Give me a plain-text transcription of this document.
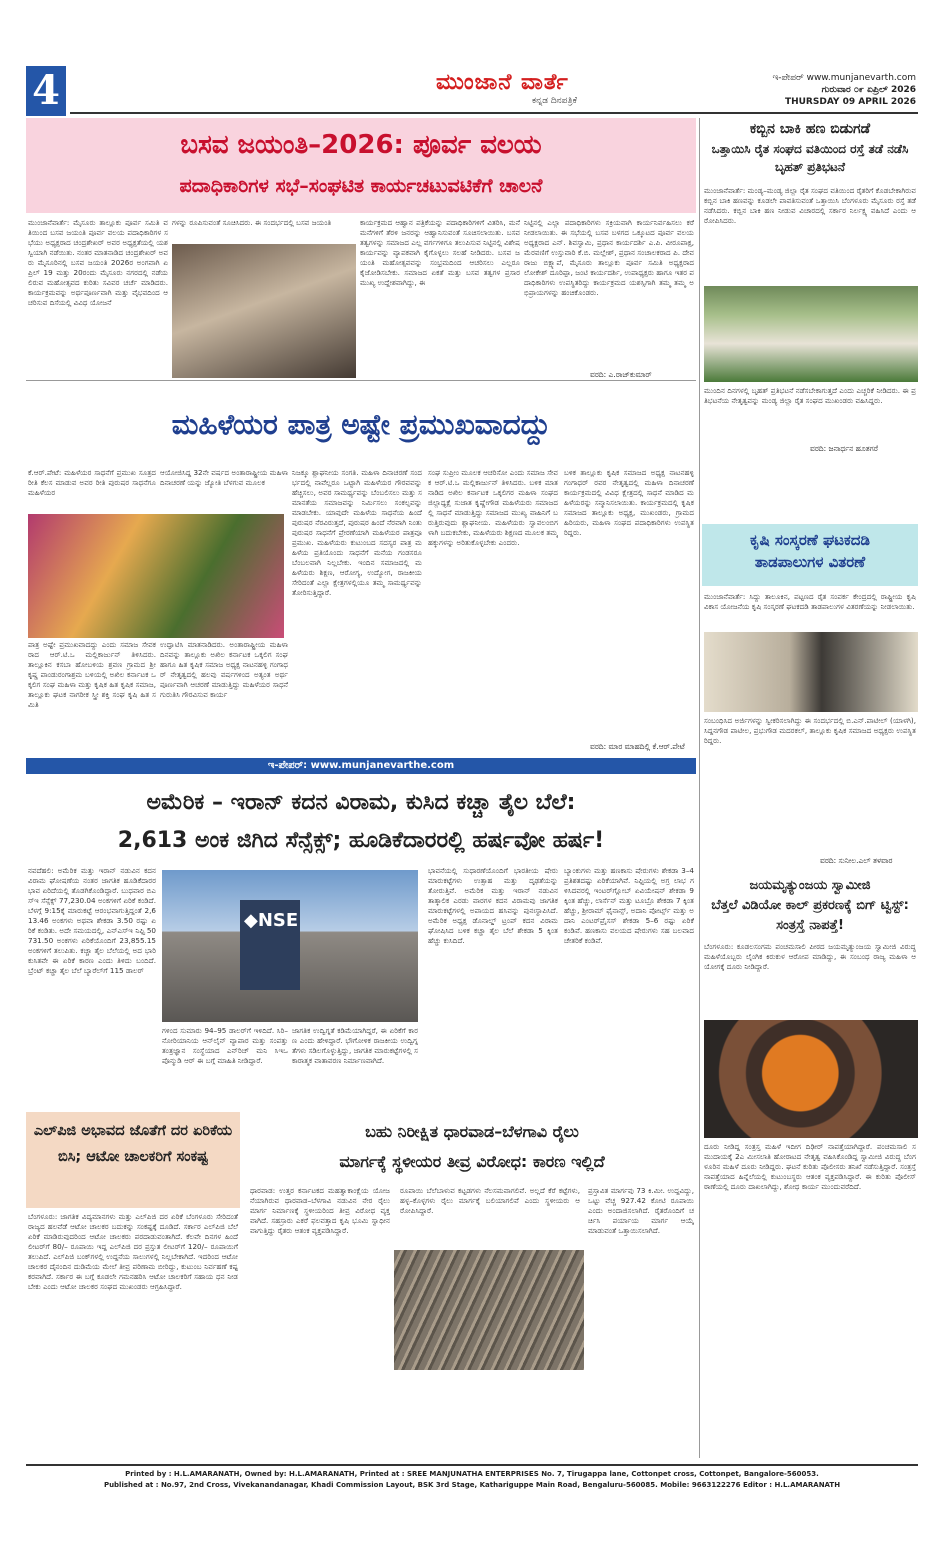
4	ಮುಂಜಾನೆ ವಾರ್ತೆ
ಕನ್ನಡ ದಿನಪತ್ರಿಕೆ
ಇ-ಪೇಪರ್ www.munjanevarth.com
ಗುರುವಾರ ೦೯ ಏಪ್ರಿಲ್ 2026
THURSDAY 09 APRIL 2026
ಬಸವ ಜಯಂತಿ–2026: ಪೂರ್ವ ವಲಯ
ಪದಾಧಿಕಾರಿಗಳ ಸಭೆ–ಸಂಘಟಿತ ಕಾರ್ಯಚಟುವಟಿಕೆಗೆ ಚಾಲನೆ
ಮುಂಜಾನೆವಾರ್ತೆ: ಮೈಸೂರು ತಾಲ್ಲೂಕು ಪೂರ್ವ ಸಮಿತಿ ವತಿಯಿಂದ ಬಸವ ಜಯಂತಿ ಪೂರ್ವ ವಲಯ ಪದಾಧಿಕಾರಿಗಳ ಸಭೆಯು ಅಧ್ಯಕ್ಷರಾದ ಚಂದ್ರಶೇಖರ್ ಅವರ ಅಧ್ಯಕ್ಷತೆಯಲ್ಲಿ ಯಶಸ್ವಿಯಾಗಿ ನಡೆಯಿತು. ನಂತರ ಮಾತನಾಡಿದ ಚಂದ್ರಶೇಖರ್ ಅವರು ಮೈಸೂರಿನಲ್ಲಿ ಬಸವ ಜಯಂತಿ 2026ರ ಅಂಗವಾಗಿ ಏಪ್ರಿಲ್ 19 ಮತ್ತು 20ರಂದು ಮೈಸೂರು ನಗರದಲ್ಲಿ ನಡೆಯಲಿರುವ ಮಹೋತ್ಸವದ ಕುರಿತು ಸವಿವರ ಚರ್ಚೆ ಮಾಡಿದರು. ಕಾರ್ಯಕ್ರಮವನ್ನು ಅರ್ಥಪೂರ್ಣವಾಗಿ ಮತ್ತು ವೈಭವದಿಂದ ಆಚರಿಸುವ ದಿಸೆಯಲ್ಲಿ ವಿವಿಧ ಯೋಜನೆ
ಗಳನ್ನು ರೂಪಿಸುವಂತೆ ಸೂಚಿಸಿದರು. ಈ ಸಂದರ್ಭದಲ್ಲಿ ಬಸವ ಜಯಂತಿ	ಕಾರ್ಯಕ್ರಮದ ಆಹ್ವಾನ ಪತ್ರಿಕೆಯನ್ನು ಪದಾಧಿಕಾರಿಗಳಿಗೆ ವಿತರಿಸಿ, ಮನೆ ಮನೆಗಳಿಗೆ ತೆರಳಿ ಜನರನ್ನು ಆಹ್ವಾನಿಸುವಂತೆ ಸೂಚಿಸಲಾಯಿತು. ಬಸವ ತತ್ವಗಳನ್ನು ಸಮಾಜದ ಎಲ್ಲ ವರ್ಗಗಳಿಗೂ ತಲುಪಿಸುವ ನಿಟ್ಟಿನಲ್ಲಿ ವಿಶೇಷ ಕಾರ್ಯವನ್ನು ವ್ಯಾಪಕವಾಗಿ ಕೈಗೊಳ್ಳಲು ಸಲಹೆ ನೀಡಿದರು. ಬಸವ ಜಯಂತಿ ಮಹೋತ್ಸವವನ್ನು ಸಂಭ್ರಮದಿಂದ ಆಚರಿಸಲು ಎಲ್ಲರೂ ಕೈಜೋಡಿಸಬೇಕು. ಸಮಾಜದ ಏಕತೆ ಮತ್ತು ಬಸವ ತತ್ವಗಳ ಪ್ರಸಾರ ಮುಖ್ಯ ಉದ್ದೇಶವಾಗಿದ್ದು, ಈ
ನಿಟ್ಟಿನಲ್ಲಿ ಎಲ್ಲಾ ಪದಾಧಿಕಾರಿಗಳು ಸಕ್ರಿಯವಾಗಿ ಕಾರ್ಯನಿರ್ವಹಿಸಲು ಕರೆ ನೀಡಲಾಯಿತು. ಈ ಸಭೆಯಲ್ಲಿ ಬಸವ ಬಳಗದ ಒಕ್ಕೂಟದ ಪೂರ್ವ ವಲಯ ಅಧ್ಯಕ್ಷರಾದ ಎನ್. ಶಿವಸ್ವಾಮಿ, ಪ್ರಧಾನ ಕಾರ್ಯದರ್ಶಿ ಎ.ಪಿ. ವೀರೂಪಾಕ್ಷ, ಮೆರವಣಿಗೆ ಉಸ್ತುವಾರಿ ಕೆ.ಬಿ. ಮಲ್ಲೇಶ್, ಪ್ರಧಾನ ಸಂಚಾಲಕರಾದ ಪಿ. ದೇವರಾಜು ಬಿಕ್ಷ್ಯಾಪೆ, ಮೈಸೂರು ತಾಲ್ಲೂಕು ಪೂರ್ವ ಸಮಿತಿ ಅಧ್ಯಕ್ಷರಾದ ಲೋಕೇಶ್ ದೂರಿಪ್ಪಾ, ಜಂಟಿ ಕಾರ್ಯದರ್ಶಿ, ಉಪಾಧ್ಯಕ್ಷರು ಹಾಗೂ ಇತರ ಪದಾಧಿಕಾರಿಗಳು ಉಪಸ್ಥಿತರಿದ್ದು ಕಾರ್ಯಕ್ರಮದ ಯಶಸ್ಸಿಗಾಗಿ ತಮ್ಮ ತಮ್ಮ ಅಭಿಪ್ರಾಯಗಳನ್ನು ಹಂಚಿಕೊಂಡರು.
ವರದಿ: ಎ.ರಾಜ್‌ಕುಮಾರ್
ಮಹಿಳೆಯರ ಪಾತ್ರ ಅಷ್ಟೇ ಪ್ರಮುಖವಾದದ್ದು
ಕೆ.ಆರ್.ಪೇಟೆ: ಮಹಿಳೆಯರ ಸಾಧನೆಗೆ ಪ್ರಮುಖ ಸೂತ್ರದ ರೀತಿ ಕೆಲಸ ಮಾಡುವ ಅವರ ರೀತಿ ಪುರುಷರ ಸಾಧನೆಗೂ ಮಹಿಳೆಯರ
ಪಾತ್ರ ಅಷ್ಟೇ ಪ್ರಮುಖವಾದದ್ದು ಎಂದು ಸಮಾಜ ಸೇವಕರಾದ ಆರ್.ಟಿ.ಒ ಮಲ್ಲಿಕಾರ್ಜುನ್ ತಿಳಿಸಿದರು. ತಾಲ್ಲೂಕಿನ ಕಸಬಾ ಹೋಬಳಿಯ ಶ್ರವಣ ಗ್ರಾಮದ ಶ್ರೀ ಕೃಷ್ಣ ಪಾಂಡುರಂಗಾಶ್ರಮ ಬಳಿಯಲ್ಲಿ ಅಖಿಲ ಕರ್ನಾಟಕ ಒಕ್ಕಲಿಗ ಸಂಘ ಮಹಿಳಾ ಮತ್ತು ಕೃಷಿಕ ಹಿತ ಕೃಷಿಕ ಸಮಾಜ, ತಾಲ್ಲೂಕು ಘಟಕ ನಾಗರೀಕ ಸ್ತ್ರೀ ಶಕ್ತಿ ಸಂಘ ಕೃಷಿ ಹಿತ ಸಮಿತಿ
ಆಯೋಜಿಸಿದ್ದ 32ನೇ ವರ್ಷದ ಅಂತಾರಾಷ್ಟ್ರೀಯ ಮಹಿಳಾ ದಿನಾಚರಣೆ ಯನ್ನು ಜ್ಯೋತಿ ಬೆಳಗುವ ಮೂಲಕ
ಉದ್ಘಾಟಿಸಿ ಮಾತನಾಡಿದರು. ಅಂತಾರಾಷ್ಟ್ರೀಯ ಮಹಿಳಾ ದಿನವನ್ನು ತಾಲ್ಲೂಕು ಅಖಿಲ ಕರ್ನಾಟಕ ಒಕ್ಕಲಿಗ ಸಂಘ ಹಾಗೂ ಹಿತ ಕೃಷಿಕ ಸಮಾಜ ಅಧ್ಯಕ್ಷ ನಾಟನಹಳ್ಳಿ ಗಂಗಾಧರ್ ನೇತೃತ್ವದಲ್ಲಿ ಹಲವು ವರ್ಷಗಳಿಂದ ಅತ್ಯಂತ ಅರ್ಥಪೂರ್ಣವಾಗಿ ಆಚರಣೆ ಮಾಡುತ್ತಿದ್ದು ಮಹಿಳೆಯರ ಸಾಧನೆ ಗುರುತಿಸಿ ಗೌರವಿಸುವ ಕಾರ್ಯ
ನಿಜಕ್ಕೂ ಶ್ಲಾಘನೀಯ ಸಂಗತಿ. ಮಹಿಳಾ ದಿನಾಚರಣೆ ಸಂದರ್ಭದಲ್ಲಿ ನಾವೆಲ್ಲರೂ ಒಟ್ಟಾಗಿ ಮಹಿಳೆಯರ ಗೌರವವನ್ನು ಹೆಚ್ಚಿಸಲು, ಅವರ ಸಾಮರ್ಥ್ಯವನ್ನು ಬೆಂಬಲಿಸಲು ಮತ್ತು ಸಮಾನತೆಯ ಸಮಾಜವನ್ನು ನಿರ್ಮಿಸಲು ಸಂಕಲ್ಪವನ್ನು ಮಾಡಬೇಕು. ಯಾವುದೇ ಮಹಿಳೆಯ ಸಾಧನೆಯ ಹಿಂದೆ ಪುರುಷರ ನೆರವಿರುತ್ತದೆ, ಪುರುಷರ ಹಿಂದೆ ನೆರವಾಗಿ ನಿಂತು ಪುರುಷರ ಸಾಧನೆಗೆ ಪ್ರೇರಣೆಯಾಗಿ ಮಹಿಳೆಯರ ಪಾತ್ರವೂ ಪ್ರಮುಖ. ಮಹಿಳೆಯರು ಕುಟುಂಬದ ಸದಸ್ಯರ ಪಾತ್ರ ಮಹಿಳೆಯ ಪ್ರತಿಯೊಂದು ಸಾಧನೆಗೆ ಮನೆಯ ಗಂಡಸರೂ ಬೆಂಬಲವಾಗಿ ನಿಲ್ಲಬೇಕು. ಇಂದಿನ ಸಮಾಜದಲ್ಲಿ ಮಹಿಳೆಯರು ಶಿಕ್ಷಣ, ಆರೋಗ್ಯ, ಉದ್ಯೋಗ, ರಾಜಕೀಯ ಸೇರಿದಂತೆ ಎಲ್ಲಾ ಕ್ಷೇತ್ರಗಳಲ್ಲಿಯೂ ತಮ್ಮ ಸಾಮರ್ಥ್ಯವನ್ನು ತೋರಿಸುತ್ತಿದ್ದಾರೆ.
ಸಂಘ ಸುಪ್ರೀಂ ಮೂಲಕ ಆಚರಿಸೋ ಎಂದು ಸಮಾಜ ಸೇವಕ ಆರ್.ಟಿ.ಒ ಮಲ್ಲಿಕಾರ್ಜುನ್ ತಿಳಿಸಿದರು. ಬಳಿಕ ಮಾತನಾಡಿದ ಅಖಿಲ ಕರ್ನಾಟಕ ಒಕ್ಕಲಿಗರ ಮಹಿಳಾ ಸಂಘದ ಜಿಲ್ಲಾಧ್ಯಕ್ಷೆ ಸುಜಾತ ಕೃಷ್ಣೇಗೌಡ ಮಹಿಳೆಯರು ಸಮಾಜದಲ್ಲಿ ಸಾಧನೆ ಮಾಡುತ್ತಿದ್ದು ಸಮಾಜದ ಮುಖ್ಯ ವಾಹಿನಿಗೆ ಬರುತ್ತಿರುವುದು ಶ್ಲಾಘನೀಯ. ಮಹಿಳೆಯರು ಸ್ವಾವಲಂಬಿಗಳಾಗಿ ಬದುಕಬೇಕು, ಮಹಿಳೆಯರು ಶಿಕ್ಷಣದ ಮೂಲಕ ತಮ್ಮ ಹಕ್ಕುಗಳನ್ನು ಅರಿತುಕೊಳ್ಳಬೇಕು ಎಂದರು.
ಬಳಿಕ ತಾಲ್ಲೂಕು ಕೃಷಿಕ ಸಮಾಜದ ಅಧ್ಯಕ್ಷ ನಾಟನಹಳ್ಳಿ ಗಂಗಾಧರ್ ರವರ ನೇತೃತ್ವದಲ್ಲಿ ಮಹಿಳಾ ದಿನಾಚರಣೆ ಕಾರ್ಯಕ್ರಮದಲ್ಲಿ ವಿವಿಧ ಕ್ಷೇತ್ರದಲ್ಲಿ ಸಾಧನೆ ಮಾಡಿದ ಮಹಿಳೆಯರನ್ನು ಸನ್ಮಾನಿಸಲಾಯಿತು. ಕಾರ್ಯಕ್ರಮದಲ್ಲಿ ಕೃಷಿಕ ಸಮಾಜದ ತಾಲ್ಲೂಕು ಅಧ್ಯಕ್ಷ, ಮುಖಂಡರು, ಗ್ರಾಮದ ಹಿರಿಯರು, ಮಹಿಳಾ ಸಂಘದ ಪದಾಧಿಕಾರಿಗಳು ಉಪಸ್ಥಿತರಿದ್ದರು.
ವರದಿ: ಮಾರ ಮಾಹದಿಲ್ಲಿ ಕೆ.ಆರ್.ಪೇಟೆ
ಇ-ಪೇಪರ್: www.munjanevarthe.com
ಅಮೆರಿಕ – ಇರಾನ್ ಕದನ ವಿರಾಮ, ಕುಸಿದ ಕಚ್ಚಾ ತೈಲ ಬೆಲೆ:
2,613 ಅಂಕ ಜಿಗಿದ ಸೆನ್ಸೆಕ್ಸ್; ಹೂಡಿಕೆದಾರರಲ್ಲಿ ಹರ್ಷವೋ ಹರ್ಷ!
ನವದೆಹಲಿ: ಅಮೆರಿಕ ಮತ್ತು ಇರಾನ್ ನಡುವಿನ ಕದನ ವಿರಾಮ ಘೋಷಣೆಯ ನಂತರ ಜಾಗತಿಕ ಹೂಡಿಕೆದಾರರ ಭಾವ ಏರಿದೆಯಲ್ಲಿ ತೊಡಗಿಕೊಂಡಿದ್ದಾರೆ. ಬುಧವಾರ ಬಿಎಸ್ಇ ಸೆನ್ಸೆಕ್ಸ್ 77,230.04 ಅಂಕಗಳಿಗೆ ಏರಿಕೆ ಕಂಡಿದೆ. ಬೆಳಗ್ಗೆ 9:15ಕ್ಕೆ ಮಾರುಕಟ್ಟೆ ಆರಂಭವಾಗುತ್ತಿದ್ದಂತೆ 2,613.46 ಅಂಕಗಳು ಅಥವಾ ಶೇಕಡಾ 3.50 ರಷ್ಟು ಏರಿಕೆ ಕಂಡಿತು. ಅದೇ ಸಮಯದಲ್ಲಿ, ಎನ್‌ಎಸ್ಇ ನಿಫ್ಟಿ 50 731.50 ಅಂಕಗಳು ಏರಿಕೆಯೊಂದಿಗೆ 23,855.15 ಅಂಕಗಳಿಗೆ ತಲುಪಿತು. ಕಚ್ಚಾ ತೈಲ ಬೆಲೆಯಲ್ಲಿ ಅದ ಭಾರಿ ಕುಸಿತವೇ ಈ ಏರಿಕೆ ಕಾರಣ ಎಂದು ತಿಳಿದು ಬಂದಿದೆ. ಬ್ರೆಂಟ್ ಕಚ್ಚಾ ತೈಲ ಬೆಲೆ ಬ್ಯಾರೆಲ್‌ಗೆ 115 ಡಾಲರ್
◆NSE
ಗಳಿಂದ ಸುಮಾರು 94–95 ಡಾಲರ್‌ಗೆ ಇಳಿದಿದೆ. ಸಿರಿ–ನೋರಿಯಾನಿಯ ಆನ್‌ಲೈನ್ ವ್ಯಾಪಾರ ಮತ್ತು ಸಂಪತ್ತು ತಂತ್ರಜ್ಞಾನ ಸಂಸ್ಥೆಯಾದ ಎನ್‌ರಿಚ್ ಮನಿ ಸಿಇಒ ಪೊನ್ಮುಡಿ ಆರ್ ಈ ಬಗ್ಗೆ ಮಾಹಿತಿ ನೀಡಿದ್ದಾರೆ.
ಜಾಗತಿಕ ಉದ್ವಿಗ್ನತೆ ಕಡಿಮೆಯಾಗಿದ್ದರೆ, ಈ ಏರಿಕೆಗೆ ಕಾರಣ ಎಂದು ಹೇಳಿದ್ದಾರೆ. ಭೌಗೋಳಿಕ ರಾಜಕೀಯ ಉದ್ವಿಗ್ನತೆಗಳು ಸಡಿಲಗೊಳ್ಳುತ್ತಿದ್ದು, ಜಾಗತಿಕ ಮಾರುಕಟ್ಟೆಗಳಲ್ಲಿ ಸಕಾರಾತ್ಮಕ ವಾತಾವರಣ ನಿರ್ಮಾಣವಾಗಿದೆ.
ಭಾವನೆಯಲ್ಲಿ ಸುಧಾರಣೆಯೊಂದಿಗೆ ಭಾರತೀಯ ಷೇರು ಮಾರುಕಟ್ಟೆಗಳು ಉತ್ಸಾಹ ಮತ್ತು ದೃಢತೆಯನ್ನು ತೋರುತ್ತಿವೆ. ಅಮೆರಿಕ ಮತ್ತು ಇರಾನ್ ನಡುವಿನ ತಾತ್ಕಾಲಿಕ ಎರಡು ವಾರಗಳ ಕದನ ವಿರಾಮವು ಜಾಗತಿಕ ಮಾರುಕಟ್ಟೆಗಳಲ್ಲಿ ಅಪಾಯದ ಹಸಿವನ್ನು ಪುನಃಸ್ಥಾಪಿಸಿದೆ. ಅಮೆರಿಕ ಅಧ್ಯಕ್ಷ ಡೊನಾಲ್ಡ್ ಟ್ರಂಪ್ ಕದನ ವಿರಾಮ ಘೋಷಿಸಿದ ಬಳಿಕ ಕಚ್ಚಾ ತೈಲ ಬೆಲೆ ಶೇಕಡಾ 5 ಕ್ಕಿಂತ ಹೆಚ್ಚು ಕುಸಿದಿದೆ.
ಬ್ಯಾಂಕುಗಳು ಮತ್ತು ಹಣಕಾಸು ಷೇರುಗಳು ಶೇಕಡಾ 3–4 ಪ್ರತಿಶತದಷ್ಟು ಏರಿಕೆಯಾಗಿವೆ. ನಿಫ್ಟಿಯಲ್ಲಿ ಅಗ್ರ ಲಾಭ ಗಳಿಸಿದವರಲ್ಲಿ ಇಂಟರ್‌ಗ್ಲೋಬ್ ಏವಿಯೇಷನ್ ಶೇಕಡಾ 9 ಕ್ಕಿಂತ ಹೆಚ್ಚು, ಲಾರ್ಸೆನ್ ಮತ್ತು ಟೂಬ್ರೊ ಶೇಕಡಾ 7 ಕ್ಕಿಂತ ಹೆಚ್ಚು, ಶ್ರೀರಾಮ್ ಫೈನಾನ್ಸ್, ಅದಾನಿ ಪೋರ್ಟ್ಸ್ ಮತ್ತು ಅದಾನಿ ಎಂಟರ್‌ಪ್ರೈಸಸ್ ಶೇಕಡಾ 5–6 ರಷ್ಟು ಏರಿಕೆ ಕಂಡಿವೆ. ಹಣಕಾಸು ವಲಯದ ಷೇರುಗಳು ಸಹ ಬಲವಾದ ಚೇತರಿಕೆ ಕಂಡಿವೆ.
ಎಲ್‌ಪಿಜಿ ಅಭಾವದ ಜೊತೆಗೆ ದರ ಏರಿಕೆಯ ಬಿಸಿ; ಆಟೋ ಚಾಲಕರಿಗೆ ಸಂಕಷ್ಟ
ಬೆಂಗಳೂರು: ಜಾಗತಿಕ ವಿದ್ಯಮಾನಗಳು ಮತ್ತು ಎಲ್‌ಪಿಜಿ ದರ ಏರಿಕೆ ಬೆಂಗಳೂರು ಸೇರಿದಂತೆ ರಾಜ್ಯದ ಹಲವೆಡೆ ಆಟೋ ಚಾಲಕರ ಬದುಕನ್ನು ಸಂಕಷ್ಟಕ್ಕೆ ದೂಡಿದೆ. ಸರ್ಕಾರ ಎಲ್‌ಪಿಜಿ ಬೆಲೆ ಏರಿಕೆ ಮಾಡಿರುವುದರಿಂದ ಆಟೋ ಚಾಲಕರು ಪರದಾಡುವಂತಾಗಿದೆ. ಕೆಲವೇ ದಿನಗಳ ಹಿಂದೆ ಲೀಟರ್‌ಗೆ 80/– ರೂಪಾಯಿ ಇದ್ದ ಎಲ್‌ಪಿಜಿ ದರ ಪ್ರಸ್ತುತ ಲೀಟರ್‌ಗೆ 120/– ರೂಪಾಯಿಗೆ ತಲುಪಿದೆ. ಎಲ್‌ಪಿಜಿ ಬಂಕ್‌ಗಳಲ್ಲಿ ಉದ್ದನೆಯ ಸಾಲುಗಳಲ್ಲಿ ನಿಲ್ಲಬೇಕಾಗಿದೆ. ಇದರಿಂದ ಆಟೋ ಚಾಲಕರ ದೈನಂದಿನ ದುಡಿಮೆಯ ಮೇಲೆ ತೀವ್ರ ಪರಿಣಾಮ ಬೀರಿದ್ದು, ಕುಟುಂಬ ನಿರ್ವಹಣೆ ಕಷ್ಟಕರವಾಗಿದೆ. ಸರ್ಕಾರ ಈ ಬಗ್ಗೆ ಕೂಡಲೇ ಗಮನಹರಿಸಿ ಆಟೋ ಚಾಲಕರಿಗೆ ಸಹಾಯ ಧನ ನೀಡಬೇಕು ಎಂದು ಆಟೋ ಚಾಲಕರ ಸಂಘದ ಮುಖಂಡರು ಆಗ್ರಹಿಸಿದ್ದಾರೆ.
ಬಹು ನಿರೀಕ್ಷಿತ ಧಾರವಾಡ–ಬೆಳಗಾವಿ ರೈಲು
ಮಾರ್ಗಕ್ಕೆ ಸ್ಥಳೀಯರ ತೀವ್ರ ವಿರೋಧ: ಕಾರಣ ಇಲ್ಲಿದೆ
ಧಾರವಾಡ: ಉತ್ತರ ಕರ್ನಾಟಕದ ಮಹತ್ವಾಕಾಂಕ್ಷೆಯ ಯೋಜನೆಯಾಗಿರುವ ಧಾರವಾಡ–ಬೆಳಗಾವಿ ನಡುವಿನ ನೇರ ರೈಲು ಮಾರ್ಗ ನಿರ್ಮಾಣಕ್ಕೆ ಸ್ಥಳೀಯರಿಂದ ತೀವ್ರ ವಿರೋಧ ವ್ಯಕ್ತವಾಗಿದೆ. ಸಹಸ್ರಾರು ಎಕರೆ ಫಲವತ್ತಾದ ಕೃಷಿ ಭೂಮಿ ಸ್ವಾಧೀನವಾಗುತ್ತಿದ್ದು ರೈತರು ಆತಂಕ ವ್ಯಕ್ತಪಡಿಸಿದ್ದಾರೆ.
ರೂಪಾಯಿ ಬೆಲೆಬಾಳುವ ಕಟ್ಟಡಗಳು ನೆಲಸಮವಾಗಲಿವೆ. ಅಲ್ಲದೆ ಕೆರೆ ಕಟ್ಟೆಗಳು, ಹಳ್ಳ–ಕೊಳ್ಳಗಳು ರೈಲು ಮಾರ್ಗಕ್ಕೆ ಬಲಿಯಾಗಲಿವೆ ಎಂದು ಸ್ಥಳೀಯರು ಆರೋಪಿಸಿದ್ದಾರೆ.
ಪ್ರಸ್ತಾವಿತ ಮಾರ್ಗವು 73 ಕಿ.ಮೀ. ಉದ್ದವಿದ್ದು, ಒಟ್ಟು ವೆಚ್ಚ 927.42 ಕೋಟಿ ರೂಪಾಯಿ ಎಂದು ಅಂದಾಜಿಸಲಾಗಿದೆ. ರೈತರೊಂದಿಗೆ ಚರ್ಚಿಸಿ ಪರ್ಯಾಯ ಮಾರ್ಗ ಆಯ್ಕೆ ಮಾಡುವಂತೆ ಒತ್ತಾಯಿಸಲಾಗಿದೆ.
ಕಬ್ಬಿನ ಬಾಕಿ ಹಣ ಬಿಡುಗಡೆ
ಒತ್ತಾಯಿಸಿ ರೈತ ಸಂಘದ ವತಿಯಿಂದ ರಸ್ತೆ ತಡೆ ನಡೆಸಿ ಬೃಹತ್ ಪ್ರತಿಭಟನೆ
ಮುಂಜಾನೆವಾರ್ತೆ: ಮಂಡ್ಯ–ಮಂಡ್ಯ ಜಿಲ್ಲಾ ರೈತ ಸಂಘದ ವತಿಯಿಂದ ರೈತರಿಗೆ ಕೊಡಬೇಕಾಗಿರುವ ಕಬ್ಬಿನ ಬಾಕಿ ಹಣವನ್ನು ಕೂಡಲೇ ಪಾವತಿಸುವಂತೆ ಒತ್ತಾಯಿಸಿ ಬೆಂಗಳೂರು ಮೈಸೂರು ರಸ್ತೆ ತಡೆ ನಡೆಸಿದರು. ಕಬ್ಬಿನ ಬಾಕಿ ಹಣ ನೀಡುವ ವಿಚಾರದಲ್ಲಿ ಸರ್ಕಾರ ನಿರ್ಲಕ್ಷ್ಯ ವಹಿಸಿದೆ ಎಂದು ಆರೋಪಿಸಿದರು.
ಮುಂದಿನ ದಿನಗಳಲ್ಲಿ ಬೃಹತ್ ಪ್ರತಿಭಟನೆ ನಡೆಸಬೇಕಾಗುತ್ತದೆ ಎಂದು ಎಚ್ಚರಿಕೆ ನೀಡಿದರು. ಈ ಪ್ರತಿಭಟನೆಯ ನೇತೃತ್ವವನ್ನು ಮಂಡ್ಯ ಜಿಲ್ಲಾ ರೈತ ಸಂಘದ ಮುಖಂಡರು ವಹಿಸಿದ್ದರು.
ವರದಿ: ಜನಾರ್ಧನ ಹೂತಗರೆ
ಕೃಷಿ ಸಂಸ್ಕರಣೆ ಘಟಕದಡಿ
ತಾಡಪಾಲುಗಳ ವಿತರಣೆ
ಮುಂಜಾನೆವಾರ್ತೆ: ಸಿದ್ದು ತಾಲೂಕಿನ, ಪಟ್ಟಣದ ರೈತ ಸಂಪರ್ಕ ಕೇಂದ್ರದಲ್ಲಿ ರಾಷ್ಟ್ರೀಯ ಕೃಷಿ ವಿಕಾಸ ಯೋಜನೆಯ ಕೃಷಿ ಸಂಸ್ಕರಣೆ ಘಟಕದಡಿ ತಾಡಪಾಲುಗಳ ವಿತರಣೆಯನ್ನು ನೀಡಲಾಯಿತು.
ಸಂಬಂಧಿಸಿದ ಅರ್ಜಿಗಳನ್ನು ಸ್ವೀಕರಿಸಲಾಗಿದ್ದು ಈ ಸಂದರ್ಭದಲ್ಲಿ ಬಿ.ಎನ್.ಪಾಟೀಲ್ (ಯಾಳಗಿ), ಸಿದ್ದನಗೌಡ ಪಾಟೀಲ, ಪ್ರಭುಗೌಡ ಮದರಕಲ್, ತಾಲ್ಲೂಕು ಕೃಷಿಕ ಸಮಾಜದ ಅಧ್ಯಕ್ಷರು ಉಪಸ್ಥಿತರಿದ್ದರು.
ವರದಿ: ಸುನೀಲ.ಎಲ್ ತಳವಾರ
ಜಯಮೃತ್ಯುಂಜಯ ಸ್ವಾಮೀಜಿ
ಬೆತ್ತಲೆ ವಿಡಿಯೋ ಕಾಲ್ ಪ್ರಕರಣಕ್ಕೆ ಬಿಗ್ ಟ್ವಿಸ್ಟ್: ಸಂತ್ರಸ್ತೆ ನಾಪತ್ತೆ!
ಬೆಂಗಳೂರು: ಕೂಡಲಸಂಗಮ ಪಂಚಮಸಾಲಿ ಪೀಠದ ಜಯಮೃತ್ಯುಂಜಯ ಸ್ವಾಮೀಜಿ ವಿರುದ್ಧ ಮಹಿಳೆಯೊಬ್ಬರು ಲೈಂಗಿಕ ಕಿರುಕುಳ ಆರೋಪ ಮಾಡಿದ್ದು, ಈ ಸಂಬಂಧ ರಾಜ್ಯ ಮಹಿಳಾ ಆಯೋಗಕ್ಕೆ ದೂರು ನೀಡಿದ್ದಾರೆ.
ದೂರು ನೀಡಿದ್ದ ಸಂತ್ರಸ್ತ ಮಹಿಳೆ ಇದೀಗ ದಿಢೀರ್ ನಾಪತ್ತೆಯಾಗಿದ್ದಾರೆ. ಪಂಚಮಸಾಲಿ ಸಮುದಾಯಕ್ಕೆ 2ಎ ಮೀಸಲಾತಿ ಹೋರಾಟದ ನೇತೃತ್ವ ವಹಿಸಿಕೊಂಡಿದ್ದ ಸ್ವಾಮೀಜಿ ವಿರುದ್ಧ ಬೆಂಗಳೂರಿನ ಮಹಿಳೆ ದೂರು ನೀಡಿದ್ದರು. ಘಟನೆ ಕುರಿತು ಪೊಲೀಸರು ತನಿಖೆ ನಡೆಸುತ್ತಿದ್ದಾರೆ. ಸಂತ್ರಸ್ತೆ ನಾಪತ್ತೆಯಾದ ಹಿನ್ನೆಲೆಯಲ್ಲಿ ಕುಟುಂಬಸ್ಥರು ಆತಂಕ ವ್ಯಕ್ತಪಡಿಸಿದ್ದಾರೆ. ಈ ಕುರಿತು ಪೊಲೀಸ್ ಠಾಣೆಯಲ್ಲಿ ದೂರು ದಾಖಲಾಗಿದ್ದು, ಶೋಧ ಕಾರ್ಯ ಮುಂದುವರೆದಿದೆ.
Printed by : H.L.AMARANATH, Owned by: H.L.AMARANATH, Printed at : SREE MANJUNATHA ENTERPRISES No. 7, Tirugappa lane, Cottonpet cross, Cottonpet, Bangalore-560053.
Published at : No.97, 2nd Cross, Vivekanandanagar, Khadi Commission Layout, BSK 3rd Stage, Kathariguppe Main Road, Bengaluru-560085. Mobile: 9663122276 Editor : H.L.AMARANATH
